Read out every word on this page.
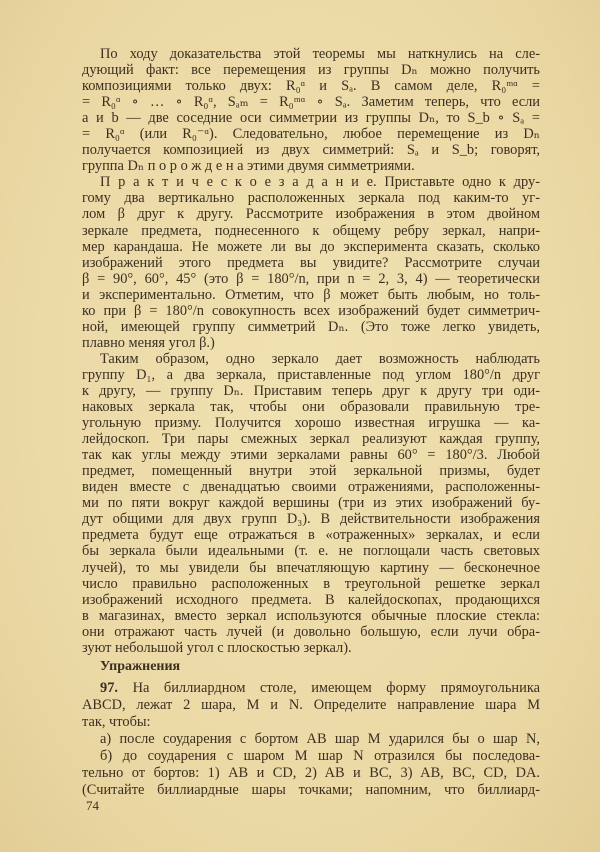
По ходу доказательства этой теоремы мы наткнулись на сле-
дующий факт: все перемещения из группы Dₙ можно получить
композициями только двух: R₀ᵅ и Sₐ. В самом деле, R₀ᵐᵅ =
= R₀ᵅ ∘ … ∘ R₀ᵅ, Sₐₘ = R₀ᵐᵅ ∘ Sₐ. Заметим теперь, что если
a и b — две соседние оси симметрии из группы Dₙ, то S_b ∘ Sₐ =
= R₀ᵅ (или R₀⁻ᵅ). Следовательно, любое перемещение из Dₙ
получается композицией из двух симметрий: Sₐ и S_b; говорят,
группа Dₙ п о р о ж д е н а этими двумя симметриями.
П р а к т и ч е с к о е з а д а н и е. Приставьте одно к дру-
гому два вертикально расположенных зеркала под каким-то уг-
лом β друг к другу. Рассмотрите изображения в этом двойном
зеркале предмета, поднесенного к общему ребру зеркал, напри-
мер карандаша. Не можете ли вы до эксперимента сказать, сколько
изображений этого предмета вы увидите? Рассмотрите случаи
β = 90°, 60°, 45° (это β = 180°/n, при n = 2, 3, 4) — теоретически
и экспериментально. Отметим, что β может быть любым, но толь-
ко при β = 180°/n совокупность всех изображений будет симметрич-
ной, имеющей группу симметрий Dₙ. (Это тоже легко увидеть,
плавно меняя угол β.)
Таким образом, одно зеркало дает возможность наблюдать
группу D₁, а два зеркала, приставленные под углом 180°/n друг
к другу, — группу Dₙ. Приставим теперь друг к другу три оди-
наковых зеркала так, чтобы они образовали правильную тре-
угольную призму. Получится хорошо известная игрушка — ка-
лейдоскоп. Три пары смежных зеркал реализуют каждая группу,
так как углы между этими зеркалами равны 60° = 180°/3. Любой
предмет, помещенный внутри этой зеркальной призмы, будет
виден вместе с двенадцатью своими отражениями, расположенны-
ми по пяти вокруг каждой вершины (три из этих изображений бу-
дут общими для двух групп D₃). В действительности изображения
предмета будут еще отражаться в «отраженных» зеркалах, и если
бы зеркала были идеальными (т. е. не поглощали часть световых
лучей), то мы увидели бы впечатляющую картину — бесконечное
число правильно расположенных в треугольной решетке зеркал
изображений исходного предмета. В калейдоскопах, продающихся
в магазинах, вместо зеркал используются обычные плоские стекла:
они отражают часть лучей (и довольно большую, если лучи обра-
зуют небольшой угол с плоскостью зеркал).
Упражнения
97. На биллиардном столе, имеющем форму прямоугольника
ABCD, лежат 2 шара, M и N. Определите направление шара M
так, чтобы:
а) после соударения с бортом AB шар M ударился бы о шар N,
б) до соударения с шаром M шар N отразился бы последова-
тельно от бортов: 1) AB и CD, 2) AB и BC, 3) AB, BC, CD, DA.
(Считайте биллиардные шары точками; напомним, что биллиард-
74
